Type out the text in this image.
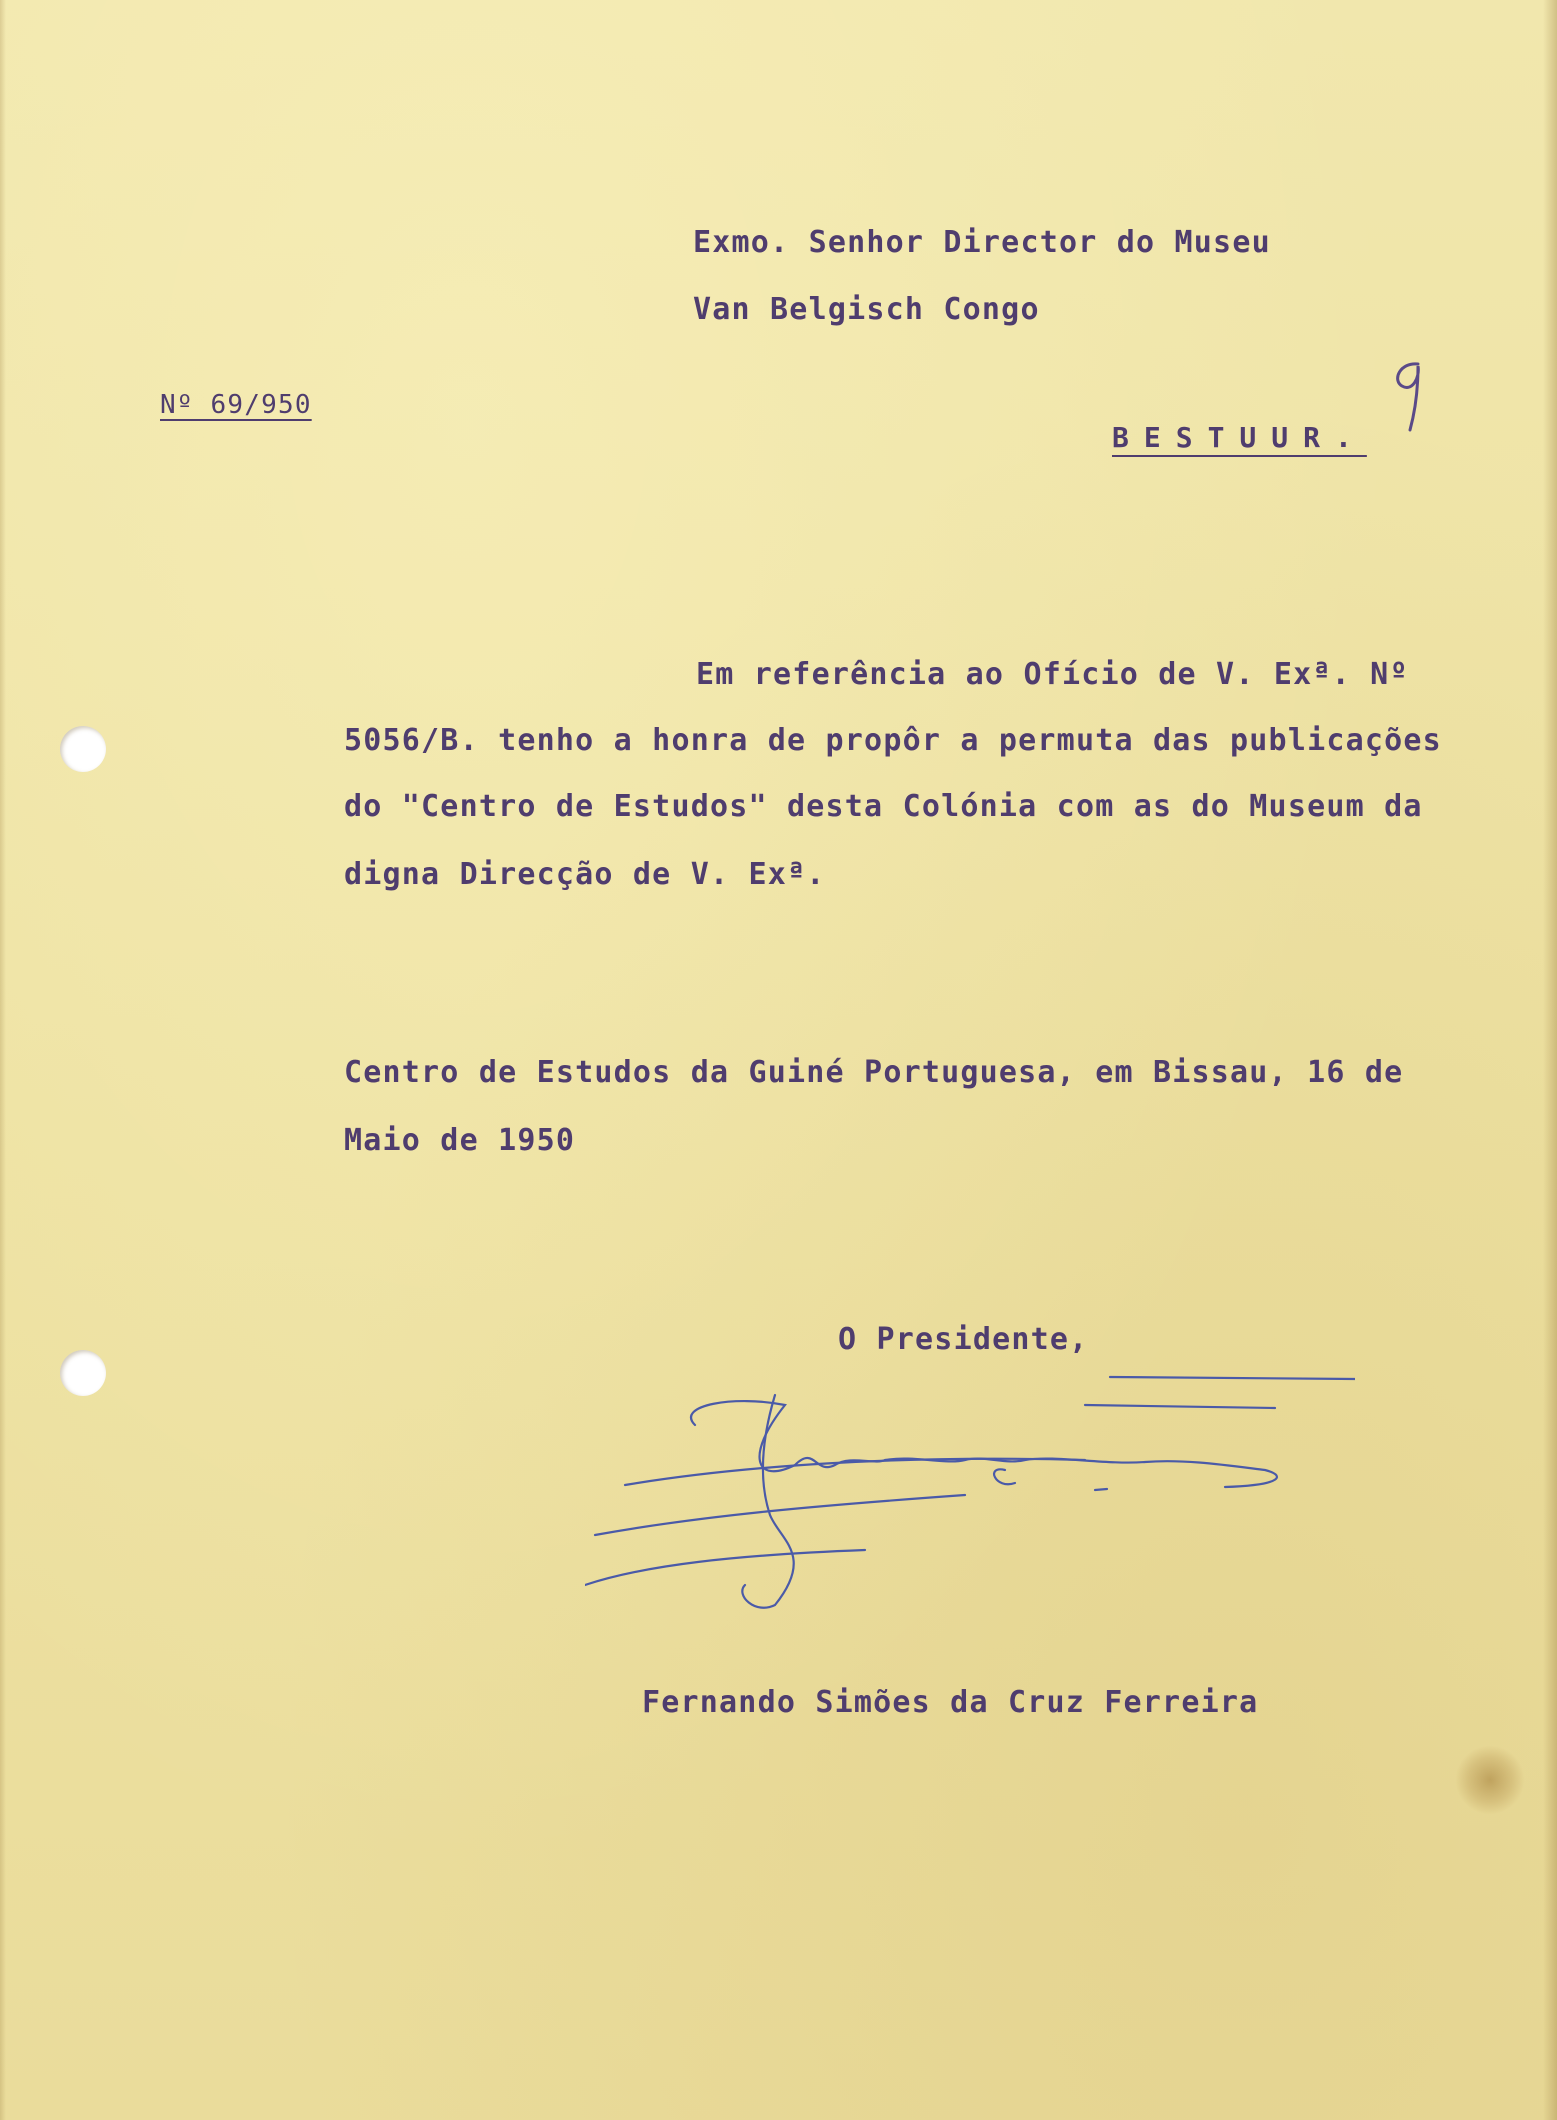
Exmo. Senhor Director do Museu
Van Belgisch Congo
Nº 69/950
BESTUUR.
Em referência ao Ofício de V. Exª. Nº
5056/B. tenho a honra de propôr a permuta das publicações
do "Centro de Estudos" desta Colónia com as do Museum da
digna Direcção de V. Exª.
Centro de Estudos da Guiné Portuguesa, em Bissau, 16 de
Maio de 1950
O Presidente,
Fernando Simões da Cruz Ferreira
